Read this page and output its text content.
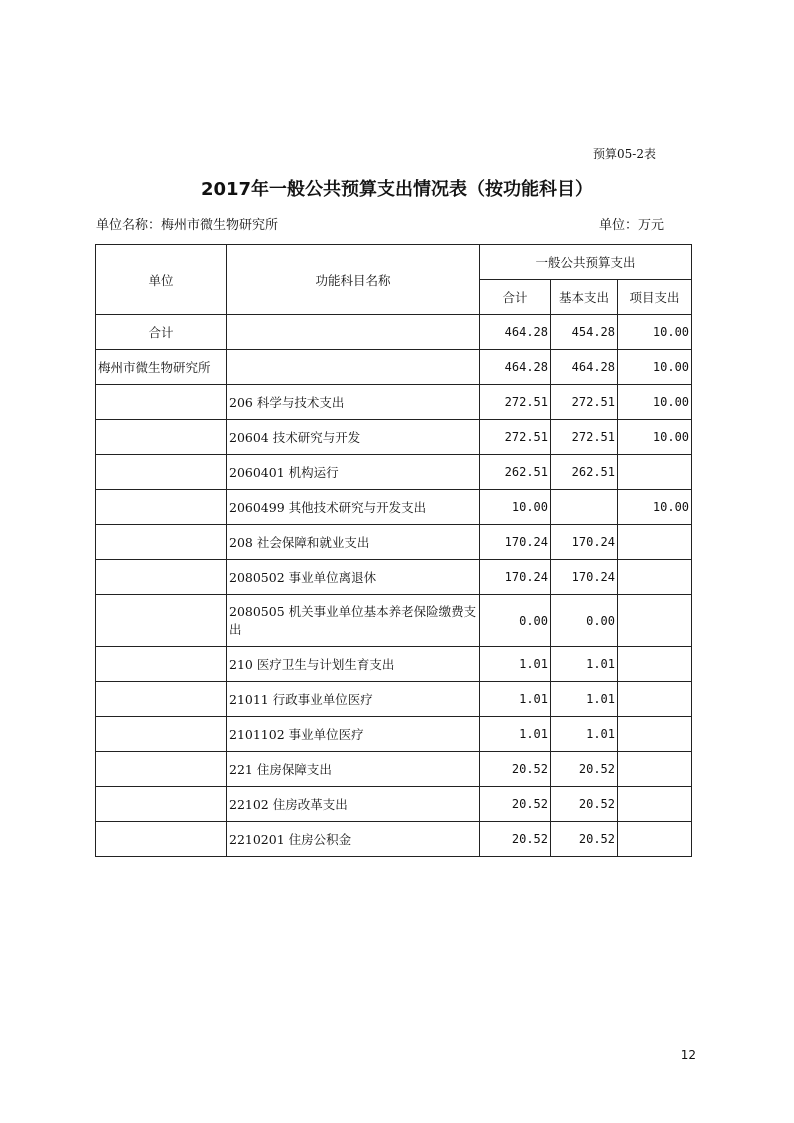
预算05-2表
2017年一般公共预算支出情况表（按功能科目）
单位名称：梅州市微生物研究所	单位：万元
单位	功能科目名称	一般公共预算支出		
		合计	基本支出	项目支出
合计		464.28	454.28	10.00
梅州市微生物研究所		464.28	464.28	10.00
	206 科学与技术支出	272.51	272.51	10.00
	20604 技术研究与开发	272.51	272.51	10.00
	2060401 机构运行	262.51	262.51	
	2060499 其他技术研究与开发支出	10.00		10.00
	208 社会保障和就业支出	170.24	170.24	
	2080502 事业单位离退休	170.24	170.24	
	2080505 机关事业单位基本养老保险缴费支出	0.00	0.00	
	210 医疗卫生与计划生育支出	1.01	1.01	
	21011 行政事业单位医疗	1.01	1.01	
	2101102 事业单位医疗	1.01	1.01	
	221 住房保障支出	20.52	20.52	
	22102 住房改革支出	20.52	20.52	
	2210201 住房公积金	20.52	20.52	
12
